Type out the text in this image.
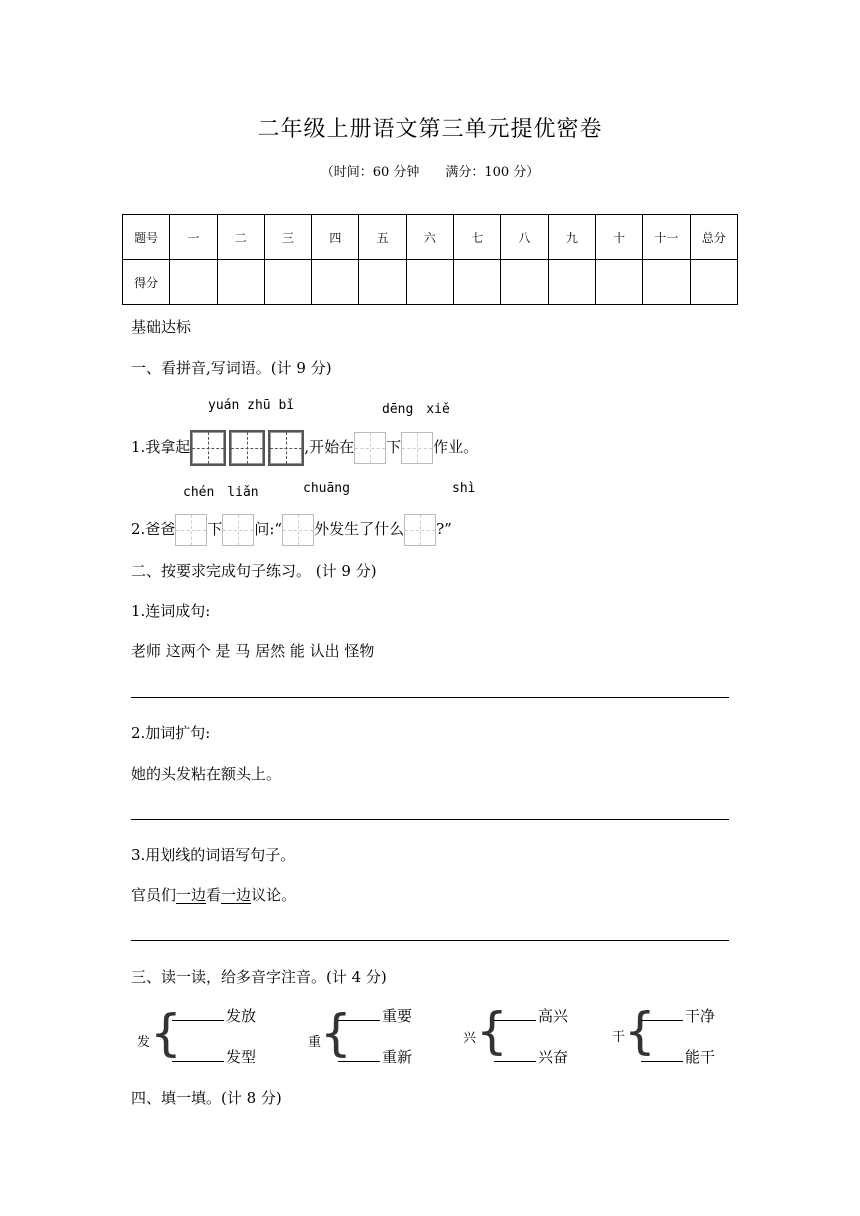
二年级上册语文第三单元提优密卷
（时间：60 分钟　　满分：100 分）
题号	一	二	三	四	五	六	七	八	九	十	十一	总分
得分												
基础达标
一、看拼音,写词语。(计 9 分)
yuán zhū bǐ	dēng　xiě
1.我拿起	,开始在 下 作业。
chén　liǎn	chuāng	shì
2.爸爸 下 问:“ 外发生了什么 ?”
二、按要求完成句子练习。 (计 9 分)
1.连词成句:
老师 这两个 是 马 居然 能 认出 怪物
2.加词扩句:
她的头发粘在额头上。
3.用划线的词语写句子。
官员们一边看一边议论。
三、读一读，给多音字注音。(计 4 分)
发 {	发放
发型
重
{	重要
重新
兴 {	高兴
兴奋
干
{	干净
能干
四、填一填。(计 8 分)
